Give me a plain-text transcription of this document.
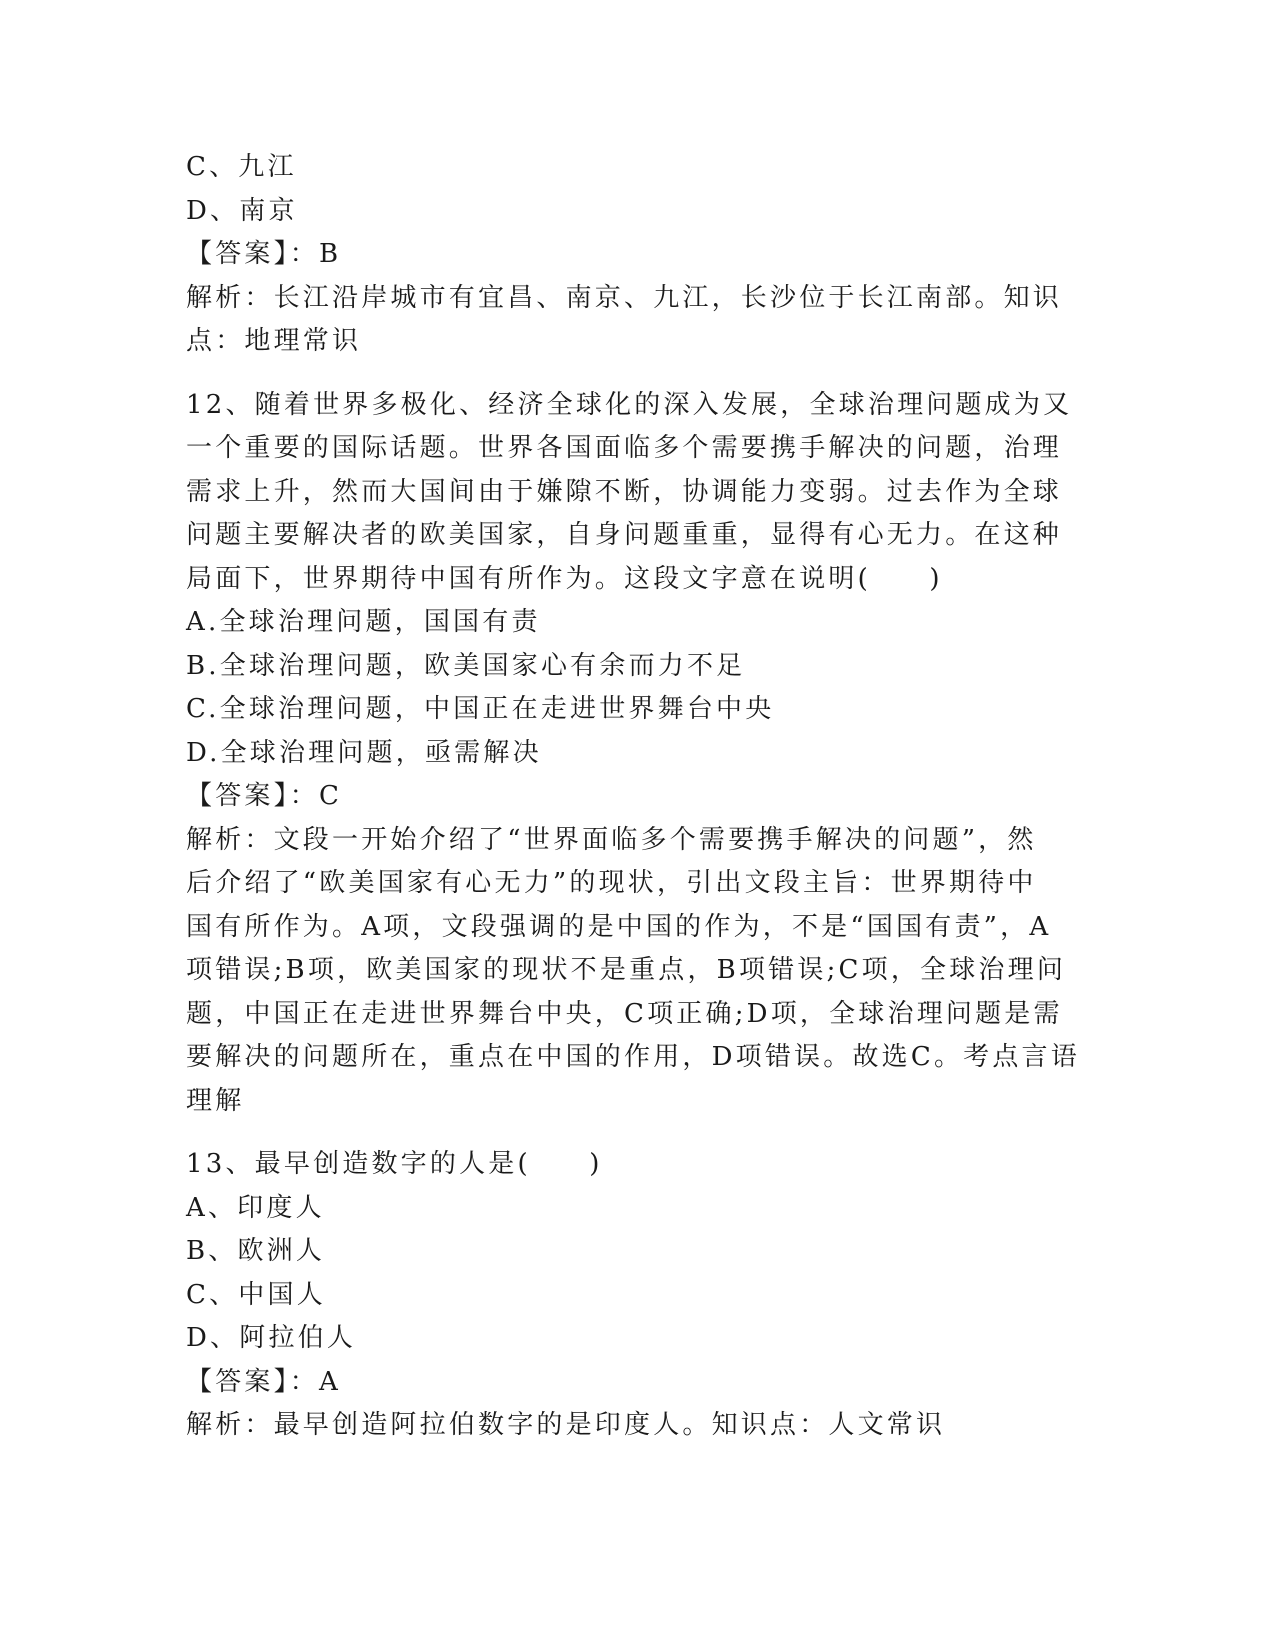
C、九江
D、南京
【答案】：B
解析：长江沿岸城市有宜昌、南京、九江，长沙位于长江南部。知识
点：地理常识
12、随着世界多极化、经济全球化的深入发展，全球治理问题成为又
一个重要的国际话题。世界各国面临多个需要携手解决的问题，治理
需求上升，然而大国间由于嫌隙不断，协调能力变弱。过去作为全球
问题主要解决者的欧美国家，自身问题重重，显得有心无力。在这种
局面下，世界期待中国有所作为。这段文字意在说明(　　)
A.全球治理问题，国国有责
B.全球治理问题，欧美国家心有余而力不足
C.全球治理问题，中国正在走进世界舞台中央
D.全球治理问题，亟需解决
【答案】：C
解析：文段一开始介绍了“世界面临多个需要携手解决的问题”，然
后介绍了“欧美国家有心无力”的现状，引出文段主旨：世界期待中
国有所作为。A项，文段强调的是中国的作为，不是“国国有责”，A
项错误;B项，欧美国家的现状不是重点，B项错误;C项，全球治理问
题，中国正在走进世界舞台中央，C项正确;D项，全球治理问题是需
要解决的问题所在，重点在中国的作用，D项错误。故选C。考点言语
理解
13、最早创造数字的人是(　　)
A、印度人
B、欧洲人
C、中国人
D、阿拉伯人
【答案】：A
解析：最早创造阿拉伯数字的是印度人。知识点：人文常识
